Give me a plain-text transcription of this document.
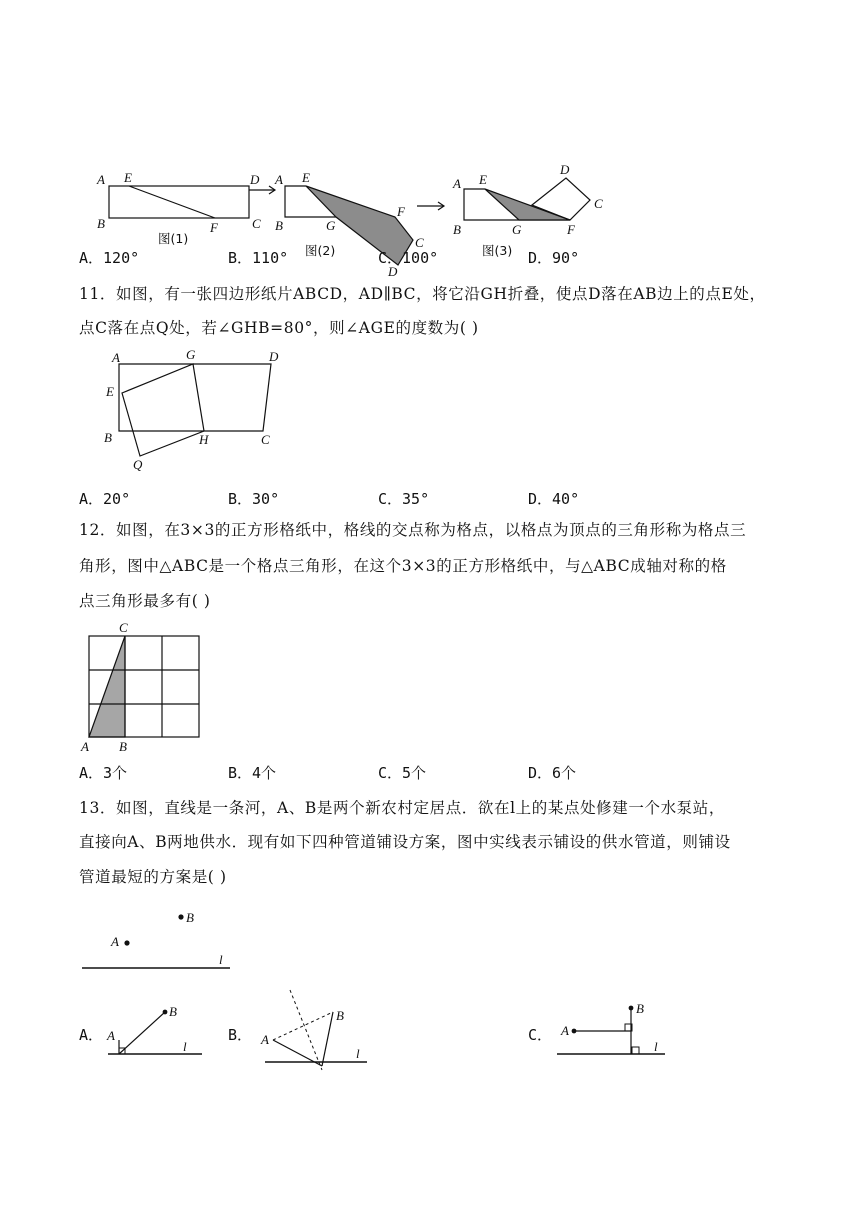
A E	D
B	F	C
图(1)
A E
F
B	G
C
D
图(2)
A E
D
C
B	G	F
图(3)
A．120°	B．110°	C．100°	D．90°
11．如图，有一张四边形纸片ABCD，AD∥BC，将它沿GH折叠，使点D落在AB边上的点E处，
点C落在点Q处，若∠GHB=80°，则∠AGE的度数为( )
A	G	D
E
B	H	C
Q
A．20°	B．30°	C．35°	D．40°
12．如图，在3×3的正方形格纸中，格线的交点称为格点，以格点为顶点的三角形称为格点三
角形，图中△ABC是一个格点三角形，在这个3×3的正方形格纸中，与△ABC成轴对称的格
点三角形最多有( )
C
A B
A．3个	B．4个	C．5个	D．6个
13．如图，直线是一条河，A、B是两个新农村定居点．欲在l上的某点处修建一个水泵站，
直接向A、B两地供水．现有如下四种管道铺设方案，图中实线表示铺设的供水管道，则铺设
管道最短的方案是( )
B
A
l
A．
B
A
l
B．
B
A
l
C．
B
A
l
